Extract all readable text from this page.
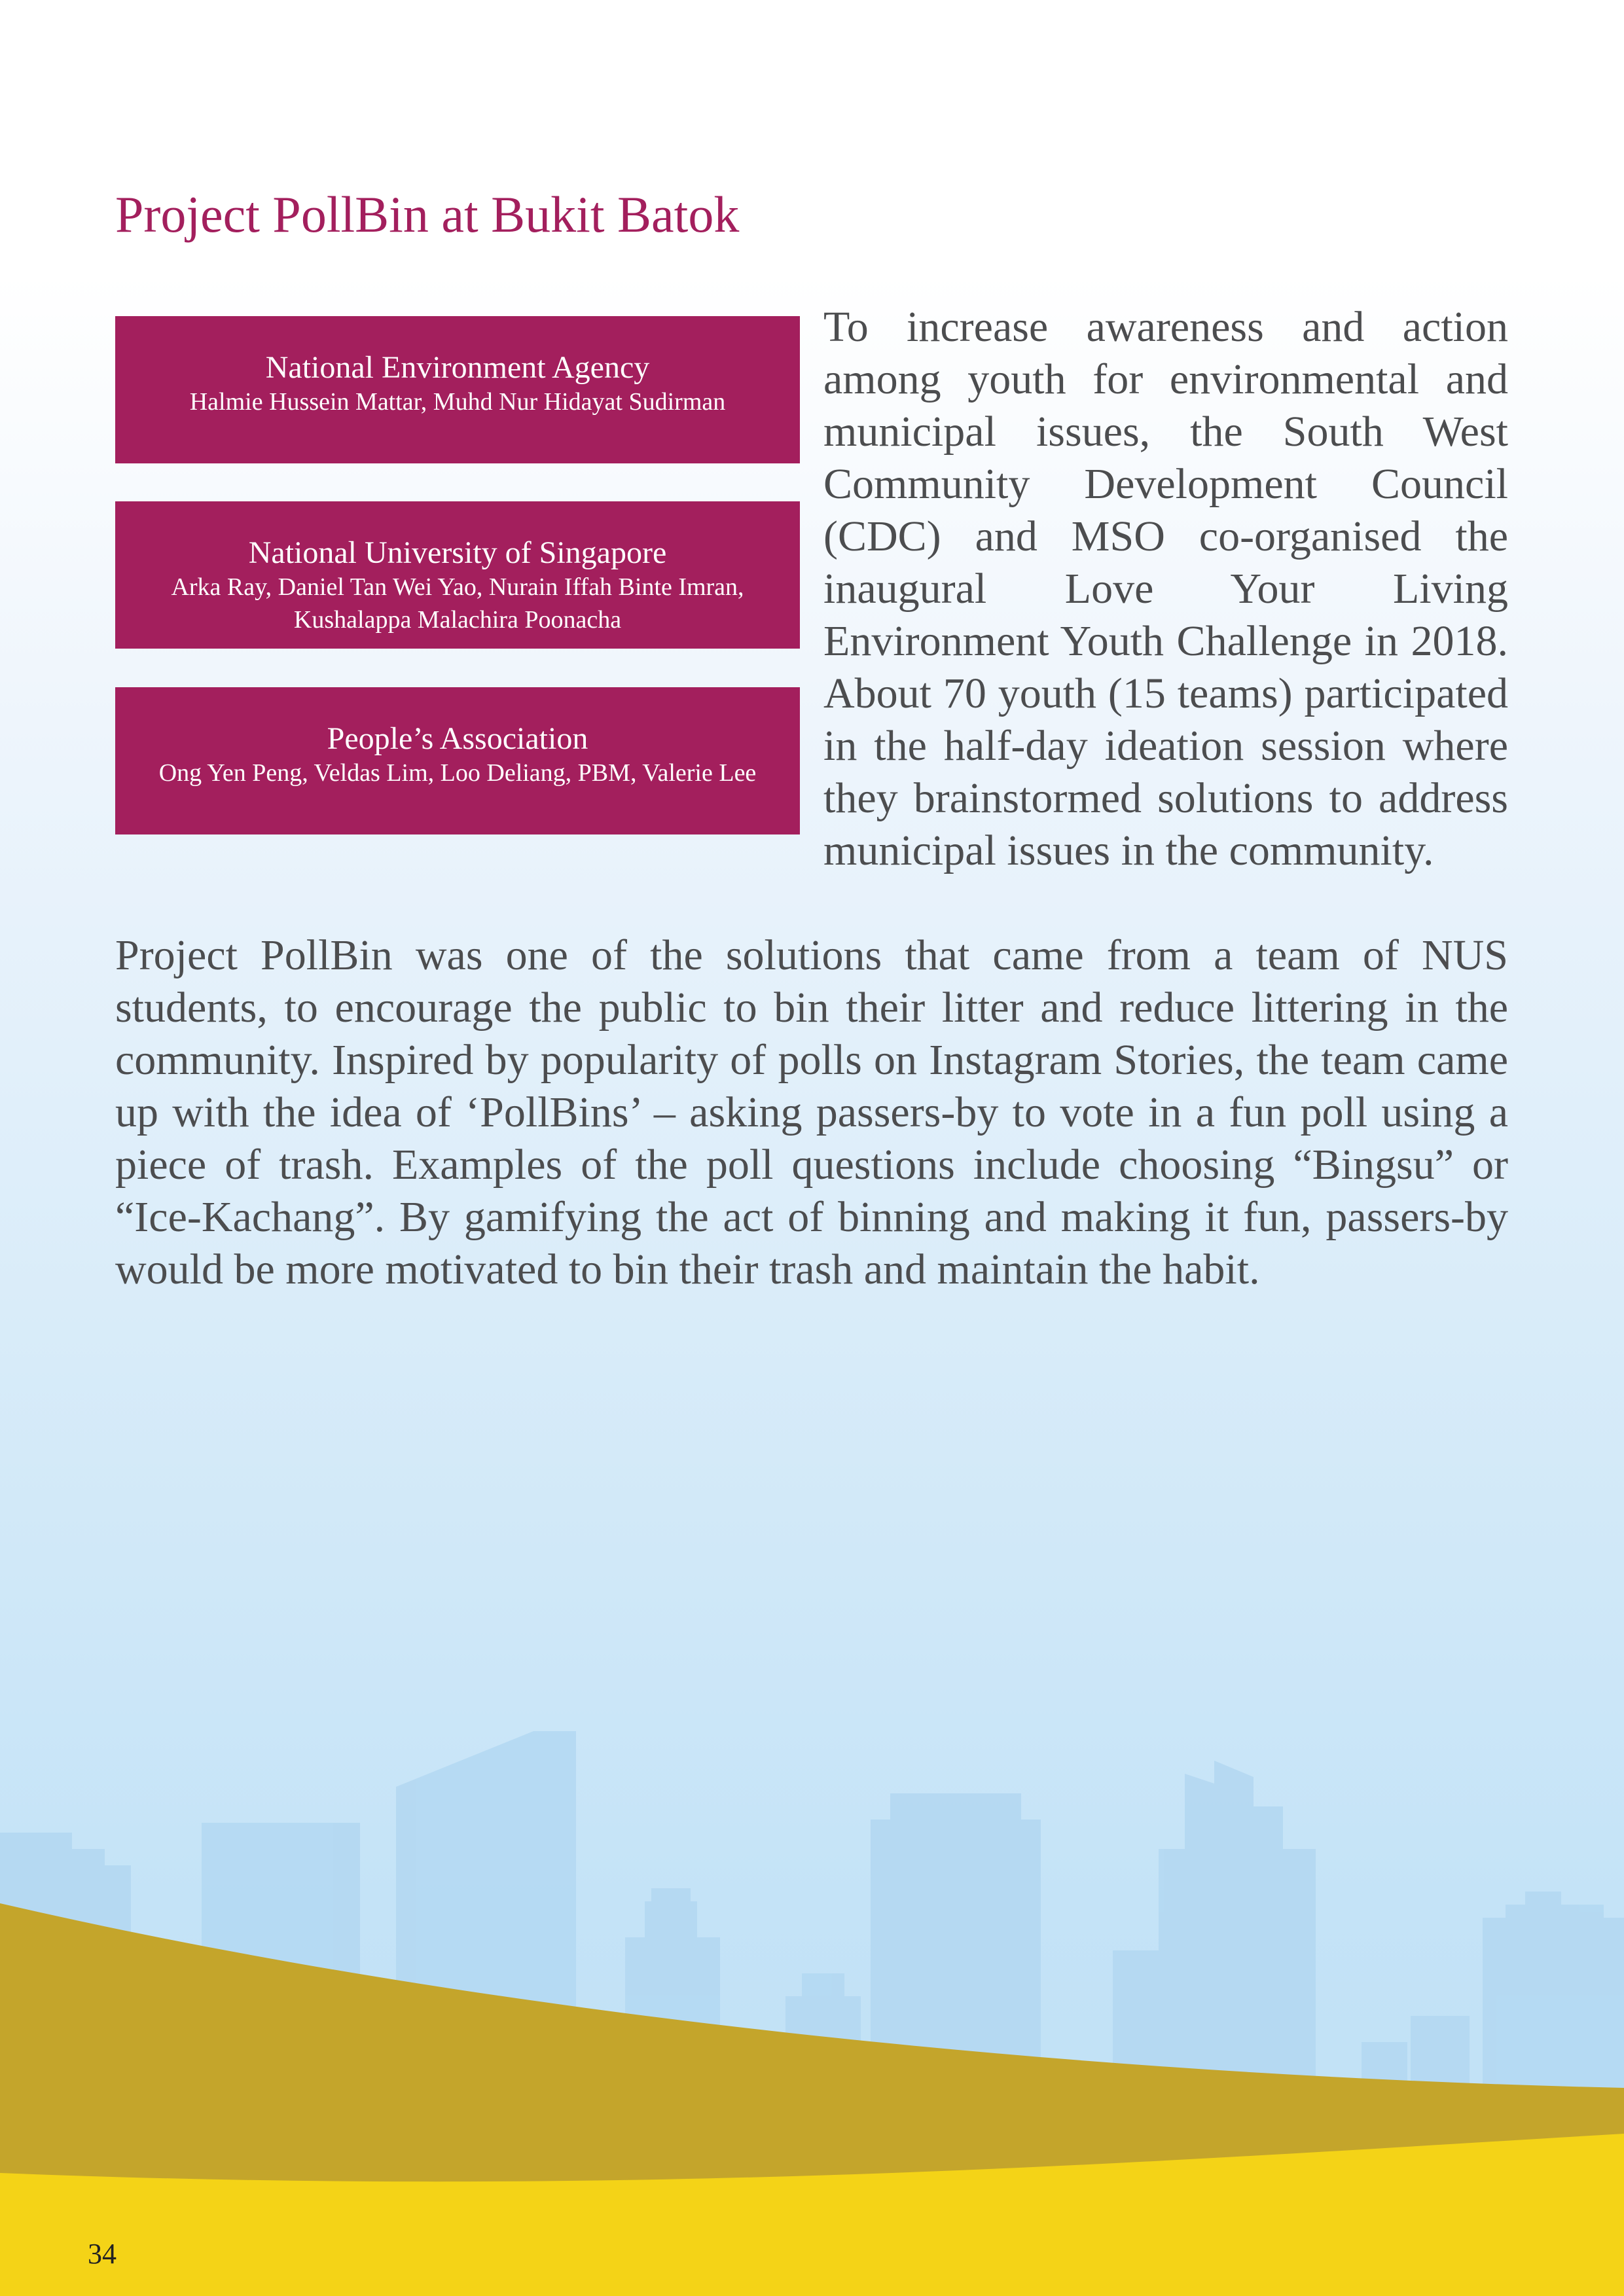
Project PollBin at Bukit Batok
National Environment Agency
Halmie Hussein Mattar, Muhd Nur Hidayat Sudirman
National University of Singapore
Arka Ray, Daniel Tan Wei Yao, Nurain Iffah Binte Imran, Kushalappa Malachira Poonacha
People’s Association
Ong Yen Peng, Veldas Lim, Loo Deliang, PBM, Valerie Lee

To increase awareness and action among youth for environmental and municipal issues, the South West Community Development Council (CDC) and MSO co-organised the inaugural Love Your Living Environment Youth Challenge in 2018. About 70 youth (15 teams) participated in the half-day ideation session where they brainstormed solutions to address municipal issues in the community.

Project PollBin was one of the solutions that came from a team of NUS students, to encourage the public to bin their litter and reduce littering in the community. Inspired by popularity of polls on Instagram Stories, the team came up with the idea of ‘PollBins’ – asking passers-by to vote in a fun poll using a piece of trash. Examples of the poll questions include choosing “Bingsu” or “Ice-Kachang”. By gamifying the act of binning and making it fun, passers-by would be more motivated to bin their trash and maintain the habit.

34
